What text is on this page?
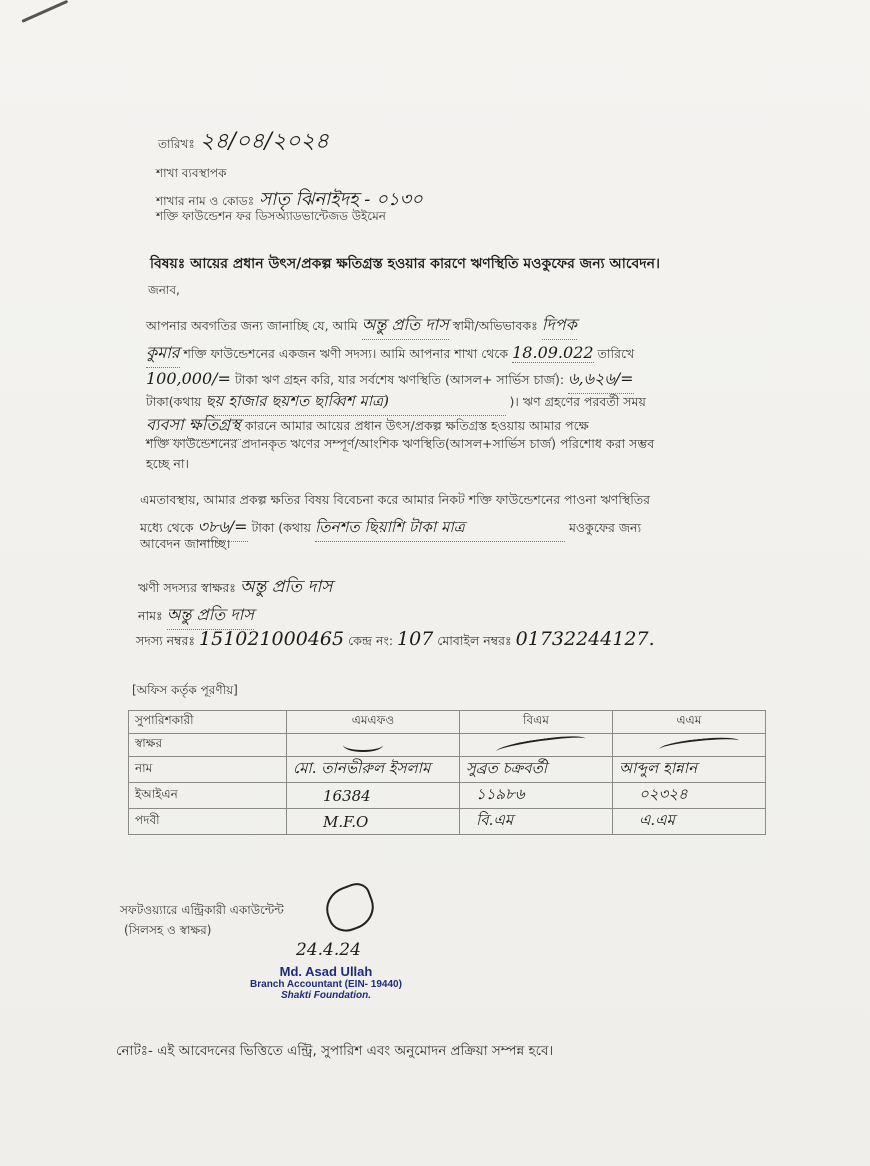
তারিখঃ ২৪/০৪/২০২৪
শাখা ব্যবস্থাপক
শাখার নাম ও কোডঃ সাতৃ ঝিনাইদহ - ০১৩০
শক্তি ফাউন্ডেশন ফর ডিসঅ্যাডভান্টেজড উইমেন
বিষয়ঃ আয়ের প্রধান উৎস/প্রকল্প ক্ষতিগ্রস্ত হওয়ার কারণে ঋণস্থিতি মওকুফের জন্য আবেদন।
জনাব,
আপনার অবগতির জন্য জানাচ্ছি যে, আমি অন্তু প্রতি দাস স্বামী/অভিভাবকঃ দিপক
কুমার শক্তি ফাউন্ডেশনের একজন ঋণী সদস্য। আমি আপনার শাখা থেকে 18.09.022 তারিখে
100,000/= টাকা ঋণ গ্রহন করি, যার সর্বশেষ ঋণস্থিতি (আসল+ সার্ভিস চার্জ): ৬,৬২৬/=
টাকা(কথায় ছয় হাজার ছয়শত ছাব্বিশ মাত্র)	)। ঋণ গ্রহণের পরবর্তী সময়
ব্যবসা ক্ষতিগ্রস্থ কারনে আমার আয়ের প্রধান উৎস/প্রকল্প ক্ষতিগ্রস্ত হওয়ায় আমার পক্ষে
শক্তি ফাউন্ডেশনের প্রদানকৃত ঋণের সম্পূর্ণ/আংশিক ঋণস্থিতি(আসল+সার্ভিস চার্জ) পরিশোধ করা সম্ভব
হচ্ছে না।
এমতাবস্থায়, আমার প্রকল্প ক্ষতির বিষয় বিবেচনা করে আমার নিকট শক্তি ফাউন্ডেশনের পাওনা ঋণস্থিতির
মধ্যে থেকে ৩৮৬/= টাকা (কথায় তিনশত ছিয়াশি টাকা মাত্র	মওকুফের জন্য
আবেদন জানাচ্ছি।
ঋণী সদস্যর স্বাক্ষরঃ অন্তু প্রতি দাস
নামঃ অন্তু প্রতি দাস
সদস্য নম্বরঃ 151021000465 কেন্দ্র নং: 107 মোবাইল নম্বরঃ 01732244127.
[অফিস কর্তৃক পূরণীয়]
সুপারিশকারী	এমএফও	বিএম	এএম
স্বাক্ষর	

নাম	মো. তানভীরুল ইসলাম	সুব্রত চক্রবর্তী	আব্দুল হান্নান
ইআইএন	16384	১১৯৮৬	০২৩২৪
পদবী	M.F.O	বি.এম	এ.এম
সফটওয়্যারে এন্ট্রিকারী একাউন্টেন্ট
(সিলসহ ও স্বাক্ষর)
24.4.24
Md. Asad Ullah
Branch Accountant (EIN- 19440)
Shakti Foundation.
নোটঃ- এই আবেদনের ভিত্তিতে এন্ট্রি, সুপারিশ এবং অনুমোদন প্রক্রিয়া সম্পন্ন হবে।
